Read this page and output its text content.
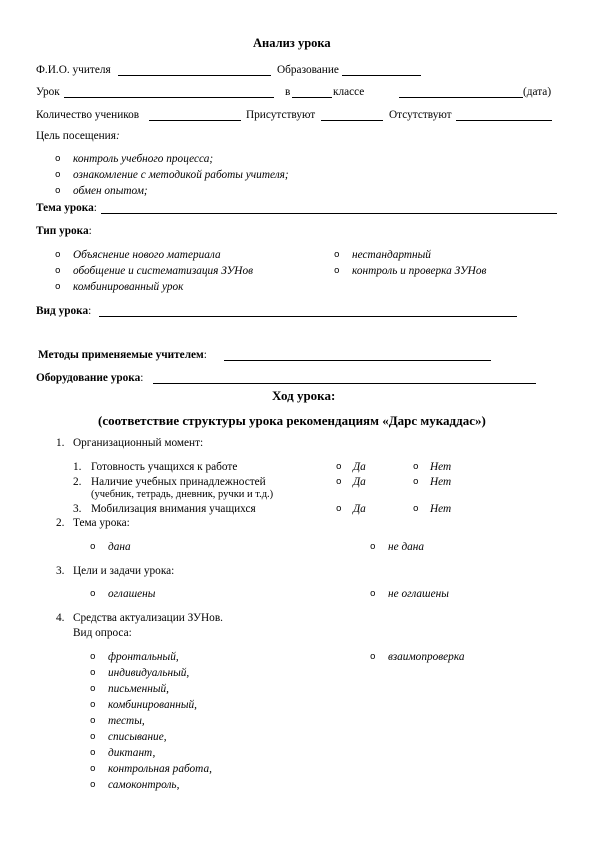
Анализ урока
Ф.И.О. учителя	Образование
Урок	в	классе	(дата)
Количество учеников	Присутствуют	Отсутствуют
Цель посещения:
o контроль учебного процесса;
o ознакомление с методикой работы учителя;
o обмен опытом;
Тема урока:
Тип урока:
o Объяснение нового материала
o обобщение и систематизация ЗУНов
o комбинированный урок
o нестандартный
o контроль и проверка ЗУНов
Вид урока:
Методы применяемые учителем:
Оборудование урока:
Ход урока:
(соответствие структуры урока рекомендациям «Дарс мукаддас»)
1. Организационный момент:
1. Готовность учащихся к работе	o Да	o Нет
2. Наличие учебных принадлежностей
(учебник, тетрадь, дневник, ручки и т.д.)
o Да	o Нет
3. Мобилизация внимания учащихся	o Да	o Нет
2. Тема урока:
o дана	o не дана
3. Цели и задачи урока:
o оглашены	o не оглашены
4. Средства актуализации ЗУНов.
Вид опроса:
o фронтальный,
o индивидуальный,
o письменный,
o комбинированный,
o тесты,
o списывание,
o диктант,
o контрольная работа,
o самоконтроль,
o взаимопроверка
